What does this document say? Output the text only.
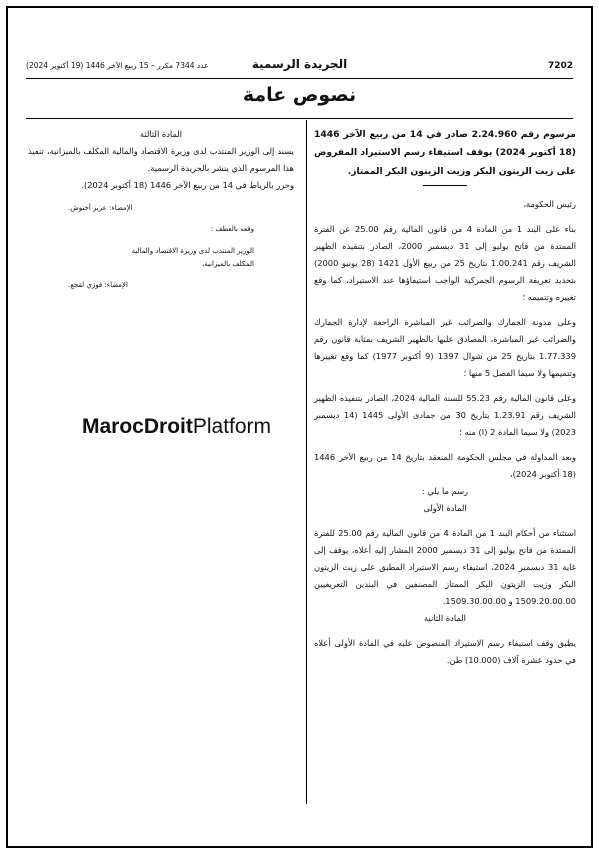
7202
الجريدة الرسمية
عدد 7344 مكرر – 15 ربيع الآخر 1446 (19 أكتوبر 2024)
نصوص عامة

مرسوم رقم 2.24.960 صادر في 14 من ربيع الآخر 1446 (18 أكتوبر 2024) بوقف استيفاء رسم الاستيراد المفروض على زيت الزيتون البكر وزيت الزيتون البكر الممتاز.

رئيس الحكومة،

بناء على البند 1 من المادة 4 من قانون المالية رقم 25.00 عن الفترة الممتدة من فاتح يوليو إلى 31 ديسمبر 2000، الصادر بتنفيذه الظهير الشريف رقم 1.00.241 بتاريخ 25 من ربيع الأول 1421 (28 يونيو 2000) بتحديد تعريفة الرسوم الجمركية الواجب استيفاؤها عند الاستيراد، كما وقع تغييره وتتميمه ؛

وعلى مدونة الجمارك والضرائب غير المباشرة الراجعة لإدارة الجمارك والضرائب غير المباشرة، المصادق عليها بالظهير الشريف بمثابة قانون رقم 1.77.339 بتاريخ 25 من شوال 1397 (9 أكتوبر 1977) كما وقع تغييرها وتتميمها ولا سيما الفصل 5 منها ؛

وعلى قانون المالية رقم 55.23 للسنة المالية 2024، الصادر بتنفيذه الظهير الشريف رقم 1.23.91 بتاريخ 30 من جمادى الأولى 1445 (14 ديسمبر 2023) ولا سيما المادة 2 (I) منه ؛

وبعد المداولة في مجلس الحكومة المنعقد بتاريخ 14 من ربيع الآخر 1446 (18 أكتوبر 2024)،

رسم ما يلي :

المادة الأولى

استثناء من أحكام البند 1 من المادة 4 من قانون المالية رقم 25.00 للفترة الممتدة من فاتح يوليو إلى 31 ديسمبر 2000 المشار إليه أعلاه، يوقف إلى غاية 31 ديسمبر 2024، استيفاء رسم الاستيراد المطبق على زيت الزيتون البكر وزيت الزيتون البكر الممتاز المصنفين في البندين التعريفيين 1509.20.00.00 و 1509.30.00.00.

المادة الثانية

يطبق وقف استيفاء رسم الاستيراد المنصوص عليه في المادة الأولى أعلاه في حدود عشرة آلاف (10.000) طن.

المادة الثالثة

يسند إلى الوزير المنتدب لدى وزيرة الاقتصاد والمالية المكلف بالميزانية، تنفيذ هذا المرسوم الذي ينشر بالجريدة الرسمية.

وحرر بالرباط في 14 من ربيع الآخر 1446 (18 أكتوبر 2024).

الإمضاء: عزيز أخنوش.

وقعه بالعطف :

الوزير المنتدب لدى وزيرة الاقتصاد والمالية

المكلف بالميزانية،

الإمضاء: فوزي لقجع.

MarocDroitPlatform
